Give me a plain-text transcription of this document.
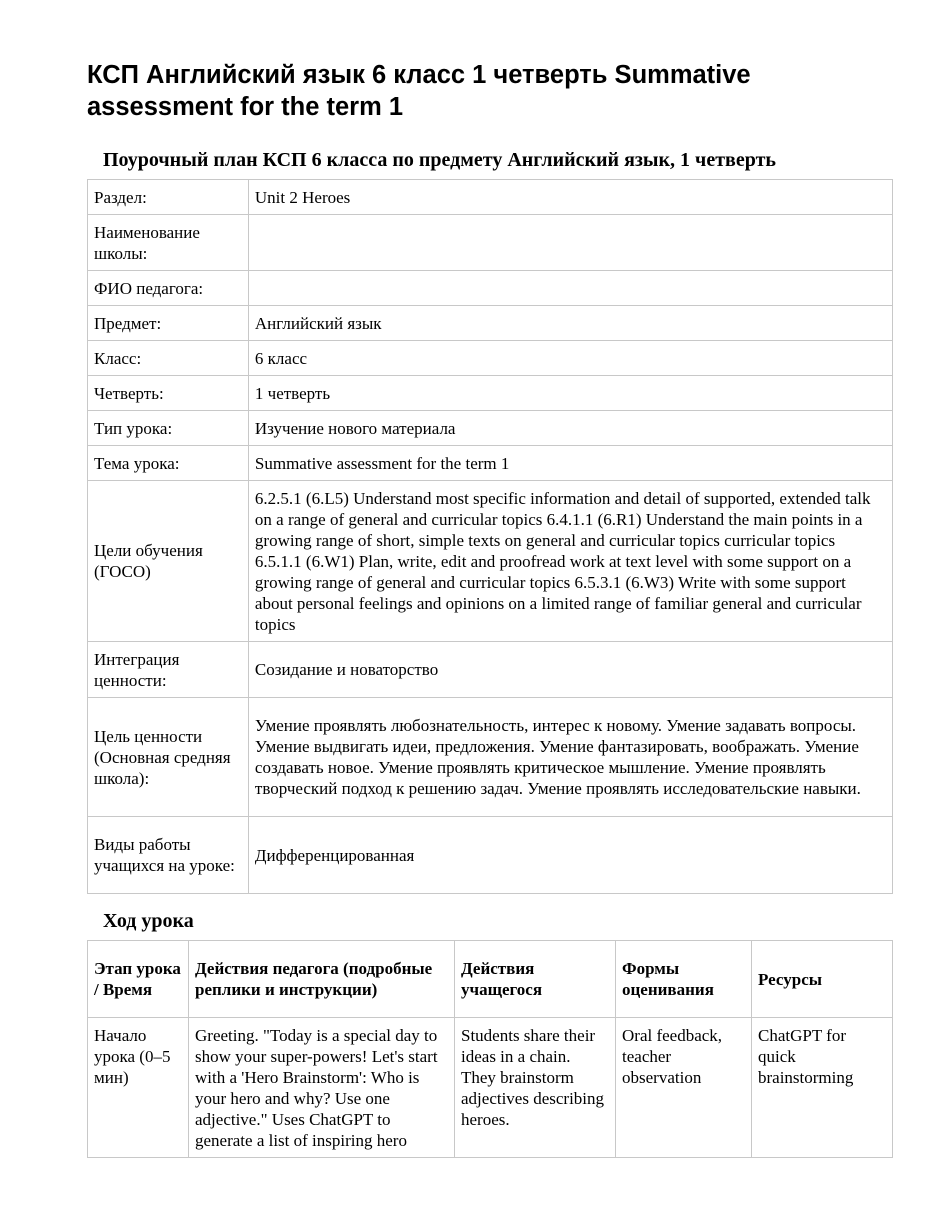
КСП Английский язык 6 класс 1 четверть Summative assessment for the term 1
Поурочный план КСП 6 класса по предмету Английский язык, 1 четверть
Раздел:	Unit 2 Heroes
Наименование школы:	
ФИО педагога:	
Предмет:	Английский язык
Класс:	6 класс
Четверть:	1 четверть
Тип урока:	Изучение нового материала
Тема урока:	Summative assessment for the term 1
Цели обучения (ГОСО)	6.2.5.1 (6.L5) Understand most specific information and detail of supported, extended talk on a range of general and curricular topics 6.4.1.1 (6.R1) Understand the main points in a growing range of short, simple texts on general and curricular topics curricular topics 6.5.1.1 (6.W1) Plan, write, edit and proofread work at text level with some support on a growing range of general and curricular topics 6.5.3.1 (6.W3) Write with some support about personal feelings and opinions on a limited range of familiar general and curricular topics
Интеграция ценности:	Созидание и новаторство
Цель ценности (Основная средняя школа):	Умение проявлять любознательность, интерес к новому. Умение задавать вопросы. Умение выдвигать идеи, предложения. Умение фантазировать, воображать. Умение создавать новое. Умение проявлять критическое мышление. Умение проявлять творческий подход к решению задач. Умение проявлять исследовательские навыки.
Виды работы учащихся на уроке:	Дифференцированная
Ход урока
Этап урока / Время	Действия педагога (подробные реплики и инструкции)	Действия учащегося	Формы оценивания	Ресурсы
Начало урока (0–5 мин)	Greeting. "Today is a special day to show your super-powers! Let's start with a 'Hero Brainstorm': Who is your hero and why? Use one adjective." Uses ChatGPT to generate a list of inspiring hero	Students share their ideas in a chain. They brainstorm adjectives describing heroes.	Oral feedback, teacher observation	ChatGPT for quick brainstorming
